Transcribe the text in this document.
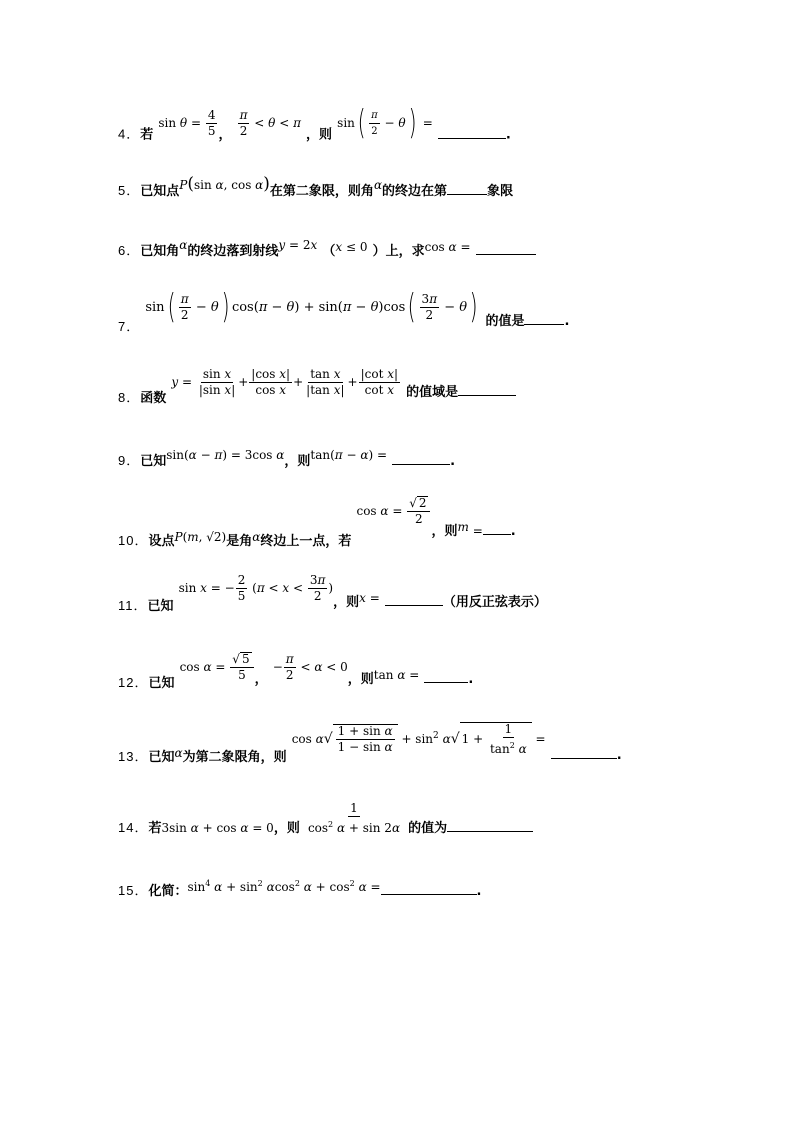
4．若 $^{sin \theta = \frac{4}{5}}$ ， $^{\frac{\pi}{2} < \theta < \pi}$ ，则 $^{sin( \frac{\pi}{2} - \theta) =}$ .
5．已知点$^{P(sin \alpha, cos \alpha)}$在第二象限，则角$^\alpha$的终边在第	象限
6．已知角$^\alpha$的终边落到射线$^{y = 2x}$ （$^{x \le 0}$ ）上，求$^{cos \alpha =}$
$_{7.}$ $\sin( \frac{\pi}{2} - \theta)$ $\cos(\pi - \theta) + \sin(\pi - \theta)\cos( \frac{3\pi}{2} - \theta)$ $_{的值是}$	$_.$
$_{8.函数}$ $y = \frac{\text{sin x}}{\text{|sin x|}} + \frac{\text{|cos x|}}{\text{cos x}} + \frac{\text{tan x}}{\text{|tan x|}} + \frac{\text{|cot x|}}{\text{cot x}} _{的值域是}$
9．已知$^{sin(\alpha - \pi) = 3cos \alpha}$，则$^{tan(\pi - \alpha) =}$	.
$_{10.设点P(m, √2)是角\alpha 终边上一点,若}$ $\cos \alpha = \frac{√ 2}{2}$
$_{,则m}$ $_=$ $_.$
$_{11.已知}$ sin x = − $\frac{2}{5} (\pi < x < \frac{3\pi}{2} )_{,则x}$ $_=$	$_{(用反正弦表示)}$
$_{12.已知}$ $\cos \alpha = \frac{√ 5}{5} _, - \frac{\pi}{2} < \alpha < 0_{,则tan \alpha =}$	$_.$
$_{13.已知\alpha 为第二象限角,则}$ $\cos \alpha√ \frac{\text{1 + sin α}}{\text{1 − sin α}} + \sin^2 \alpha√$ $1 + \frac{1}{\tan^2 \alpha} = _.$
$_{14.若3sin \alpha + cos \alpha = 0,则} \frac{1}{\cos^2 \alpha + \sin 2\alpha} _{的值为}$
15．化简：$^{sin^4 \alpha + sin^2 \alpha cos^2 \alpha + cos^2 \alpha =}$	.
